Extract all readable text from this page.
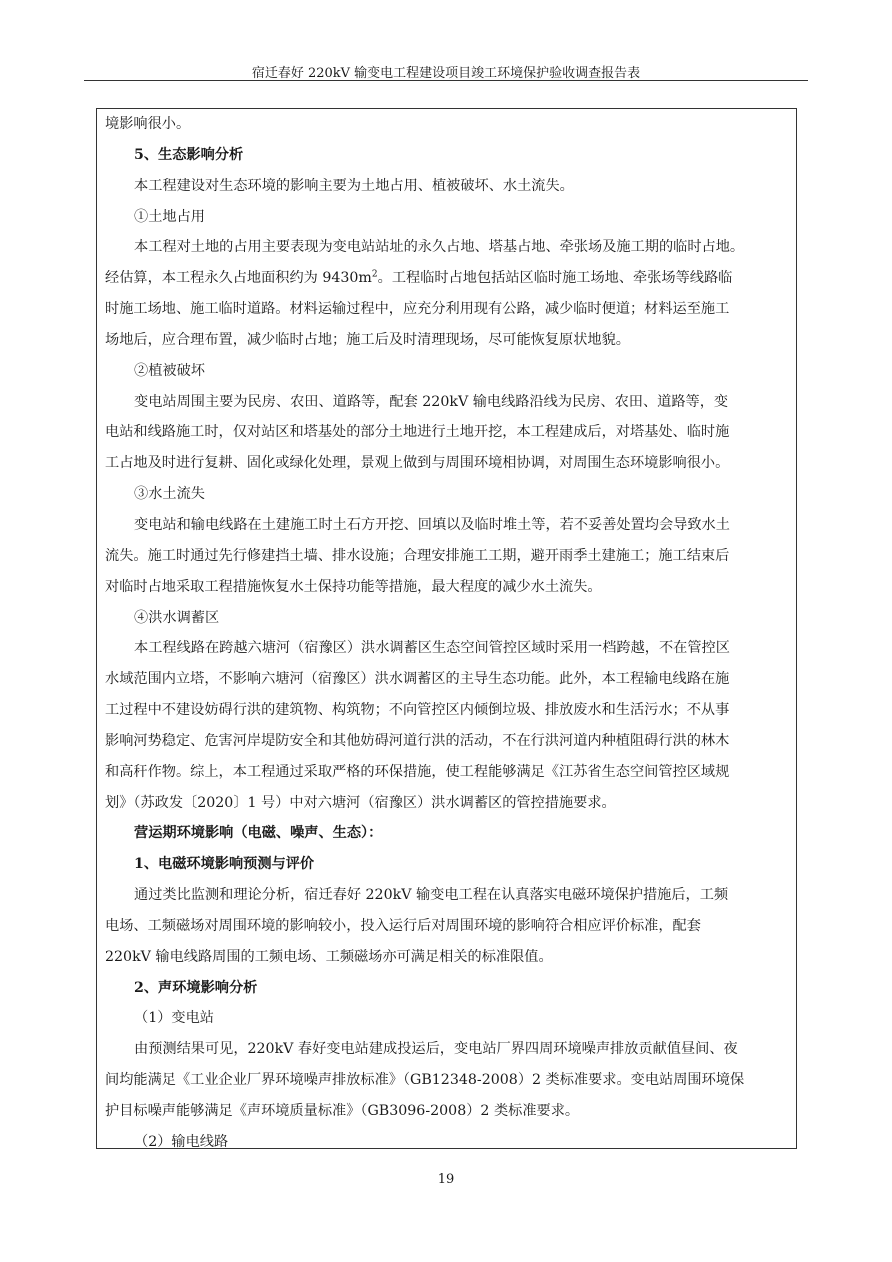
宿迁春好 220kV 输变电工程建设项目竣工环境保护验收调查报告表
境影响很小。
5、生态影响分析
本工程建设对生态环境的影响主要为土地占用、植被破坏、水土流失。
①土地占用
本工程对土地的占用主要表现为变电站站址的永久占地、塔基占地、牵张场及施工期的临时占地。
经估算，本工程永久占地面积约为 $9430m^2$。工程临时占地包括站区临时施工场地、牵张场等线路临
时施工场地、施工临时道路。材料运输过程中，应充分利用现有公路，减少临时便道；材料运至施工
场地后，应合理布置，减少临时占地；施工后及时清理现场，尽可能恢复原状地貌。
②植被破坏
变电站周围主要为民房、农田、道路等，配套 220kV 输电线路沿线为民房、农田、道路等，变
电站和线路施工时，仅对站区和塔基处的部分土地进行土地开挖，本工程建成后，对塔基处、临时施
工占地及时进行复耕、固化或绿化处理，景观上做到与周围环境相协调，对周围生态环境影响很小。
③水土流失
变电站和输电线路在土建施工时土石方开挖、回填以及临时堆土等，若不妥善处置均会导致水土
流失。施工时通过先行修建挡土墙、排水设施；合理安排施工工期，避开雨季土建施工；施工结束后
对临时占地采取工程措施恢复水土保持功能等措施，最大程度的减少水土流失。
④洪水调蓄区
本工程线路在跨越六塘河（宿豫区）洪水调蓄区生态空间管控区域时采用一档跨越，不在管控区
水域范围内立塔，不影响六塘河（宿豫区）洪水调蓄区的主导生态功能。此外，本工程输电线路在施
工过程中不建设妨碍行洪的建筑物、构筑物；不向管控区内倾倒垃圾、排放废水和生活污水；不从事
影响河势稳定、危害河岸堤防安全和其他妨碍河道行洪的活动，不在行洪河道内种植阻碍行洪的林木
和高秆作物。综上，本工程通过采取严格的环保措施，使工程能够满足《江苏省生态空间管控区域规
划》（苏政发〔2020〕1 号）中对六塘河（宿豫区）洪水调蓄区的管控措施要求。
营运期环境影响（电磁、噪声、生态）：
1、电磁环境影响预测与评价
通过类比监测和理论分析，宿迁春好 220kV 输变电工程在认真落实电磁环境保护措施后，工频
电场、工频磁场对周围环境的影响较小，投入运行后对周围环境的影响符合相应评价标准，配套
220kV 输电线路周围的工频电场、工频磁场亦可满足相关的标准限值。
2、声环境影响分析
（1）变电站
由预测结果可见，220kV 春好变电站建成投运后，变电站厂界四周环境噪声排放贡献值昼间、夜
间均能满足《工业企业厂界环境噪声排放标准》（GB12348-2008）2 类标准要求。变电站周围环境保
护目标噪声能够满足《声环境质量标准》（GB3096-2008）2 类标准要求。
（2）输电线路
19
